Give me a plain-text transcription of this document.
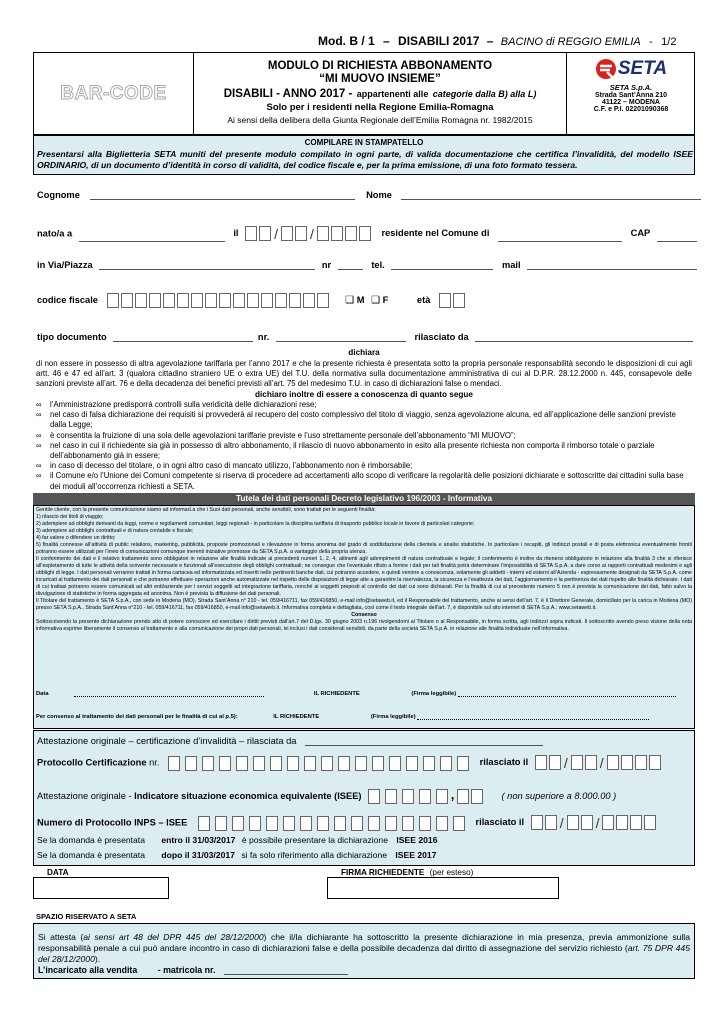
Mod. B / 1 – DISABILI 2017 – BACINO di REGGIO EMILIA - 1/2
BAR-CODE
MODULO DI RICHIESTA ABBONAMENTO
“MI MUOVO INSIEME”
DISABILI - ANNO 2017 - appartenenti alle categorie dalla B) alla L)
Solo per i residenti nella Regione Emilia-Romagna
Ai sensi della delibera della Giunta Regionale dell’Emilia Romagna nr. 1982/2015
SETA
SETA S.p.A.
Strada Sant’Anna 210
41122 – MODENA
C.F. e P.I. 02201090368
COMPILARE IN STAMPATELLO
Presentarsi alla Biglietteria SETA muniti del presente modulo compilato in ogni parte, di valida documentazione che certifica l’invalidità, del modello ISEE ORDINARIO, di un documento d’identità in corso di validità, del codice fiscale e, per la prima emissione, di una foto formato tessera.
Cognome	Nome
nato/a a	il	/ /	residente nel Comune di	CAP
in Via/Piazza	nr	tel.	mail
codice fiscale	❑ M ❑ F	età
tipo documento	nr.	rilasciato da
dichiara
di non essere in possesso di altra agevolazione tariffaria per l’anno 2017 e che la presente richiesta è presentata sotto la propria personale responsabilità secondo le disposizioni di cui agli artt. 46 e 47 ed all’art. 3 (qualora cittadino straniero UE o extra UE) del T.U. della normativa sulla documentazione amministrativa di cui al D.P.R. 28.12.2000 n. 445, consapevole delle sanzioni previste all’art. 76 e della decadenza dei benefici previsti all’art. 75 del medesimo T.U. in caso di dichiarazioni false o mendaci.
dichiaro inoltre di essere a conoscenza di quanto segue

∞ l’Amministrazione predisporrà controlli sulla veridicità delle dichiarazioni rese;

∞ nel caso di falsa dichiarazione dei requisiti si provvederà al recupero del costo complessivo del titolo di viaggio, senza agevolazione alcuna, ed all’applicazione delle sanzioni previste dalla Legge;

∞ è consentita la fruizione di una sola delle agevolazioni tariffarie previste e l’uso strettamente personale dell’abbonamento “MI MUOVO”;

∞ nel caso in cui il richiedente sia già in possesso di altro abbonamento, il rilascio di nuovo abbonamento in esito alla presente richiesta non comporta il rimborso totale o parziale dell’abbonamento già in essere;

∞ in caso di decesso del titolare, o in ogni altro caso di mancato utilizzo, l’abbonamento non è rimborsabile;

∞ il Comune e/o l’Unione dei Comuni competente si riserva di procedere ad accertamenti allo scopo di verificare la regolarità delle posizioni dichiarate e sottoscritte dai cittadini sulla base dei moduli all’occorrenza richiesti a SETA.

Tutela dei dati personali Decreto legislativo 196/2003 - Informativa
Gentile cliente, con la presente comunicazione siamo ad informarLa che i Suoi dati personali, anche sensibili, sono trattati per le seguenti finalità:
1) rilascio dei titoli di viaggio;
2) adempiere ad obblighi derivanti da leggi, norme e regolamenti comunitari, leggi regionali - in particolare la disciplina tariffaria di trasporto pubblico locale in favore di particolari categorie;
3) adempiere ad obblighi contrattuali e di natura contabile e fiscale;
4) far valere o difendere un diritto;
5) finalità connesse all’attività di public relations, marketing, pubblicità, proposte promozionali e rilevazione in forma anonima del grado di soddisfazione della clientela e analisi statistiche. In particolare i recapiti, gli indirizzi postali e di posta elettronica eventualmente forniti potranno essere utilizzati per l’invio di comunicazioni comunque inerenti iniziative promosse da SETA S.p.A. a vantaggio della propria utenza.
Il conferimento dei dati e il relativo trattamento sono obbligatori in relazione alle finalità indicate ai precedenti numeri 1, 2, 4, attinenti agli adempimenti di natura contrattuale e legale; il conferimento è inoltre da ritenersi obbligatorio in relazione alla finalità 3 che si riferisce all’espletamento di tutte le attività della scrivente necessarie e funzionali all’esecuzione degli obblighi contrattuali; ne consegue che l’eventuale rifiuto a fornire i dati per tali finalità potrà determinare l’impossibilità di SETA S.p.A. a dare corso ai rapporti contrattuali medesimi e agli obblighi di legge. I dati personali verranno trattati in forma cartacea ed informatizzata ed inseriti nelle pertinenti banche dati, cui potranno accedere, e quindi venirne a conoscenza, solamente gli addetti - interni ed esterni all’Azienda - espressamente designati da SETA S.p.A. come incaricati al trattamento dei dati personali e che potranno effettuare operazioni anche automatizzate nel rispetto delle disposizioni di legge atte a garantire la riservatezza, la sicurezza e l’esattezza dei dati, l’aggiornamento e la pertinenza dei dati rispetto alle finalità dichiarate. I dati di cui trattasi potranno essere comunicati ad altri enti/aziende per i servizi soggetti ad integrazione tariffaria, nonché ai soggetti preposti al controllo dei dati cui sono dichiarati. Per la finalità di cui al precedente numero 5 non è prevista la comunicazione dei dati, fatto salvo la divulgazione di statistiche in forma aggregata ed anonima. Non è prevista la diffusione dei dati personali.
Il Titolare del trattamento è SETA S.p.A., con sede in Modena (MO), Strada Sant’Anna n° 210 - tel. 059/416711, fax 059/416850, e-mail info@setaweb.it, ed il Responsabile del trattamento, anche ai sensi dell’art. 7, è il Direttore Generale, domiciliato per la carica in Modena (MO) presso SETA S.p.A., Strada Sant’Anna n°210 - tel. 059/416711, fax 059/416850, e-mail info@setaweb.it. Informativa completa e dettagliata, così come il testo integrale dell’art. 7, è disponibile sul sito internet di SETA S.p.A.: www.setaweb.it.
Consenso
Sottoscrivendo la presente dichiarazione prendo atto di potere conoscere ed esercitare i diritti previsti dall’art.7 del D.lgs. 30 giugno 2003 n.196 rivolgendomi al Titolare o al Responsabile, in forma scritta, agli indirizzi sopra indicati. Il sottoscritto avendo preso visione della nota informativa esprime liberamente il consenso al trattamento e alla comunicazione dei propri dati personali, ivi inclusi i dati considerati sensibili, da parte della società SETA S.p.A. in relazione alle finalità individuate nell’informativa.
Data	IL RICHIEDENTE	(Firma leggibile)
Per consenso al trattamento dei dati personali per le finalità di cui al p.5):	IL RICHIEDENTE	(Firma leggibile)
Attestazione originale – certificazione d’invalidità – rilasciata da
Protocollo Certificazione nr.	rilasciato il	/ /
Attestazione originale - Indicatore situazione economica equivalente (ISEE)	,	( non superiore a 8.000.00 )
Numero di Protocollo INPS – ISEE	rilasciato il	/ /
Se la domanda è presentata entro il 31/03/2017 è possibile presentare la dichiarazione ISEE 2016
Se la domanda è presentata dopo il 31/03/2017 si fa solo riferimento alla dichiarazione ISEE 2017
DATA	FIRMA RICHIEDENTE (per esteso)
SPAZIO RISERVATO A SETA
Si attesta (ai sensi art 48 del DPR 445 del 28/12/2000) che il/la dichiarante ha sottoscritto la presente dichiarazione in mia presenza, previa ammonizione sulla responsabilità penale a cui può andare incontro in caso di dichiarazioni false e della possibile decadenza dal diritto di assegnazione del servizio richiesto (art. 75 DPR 445 del 28/12/2000).
L’incaricato alla vendita - matricola nr.
